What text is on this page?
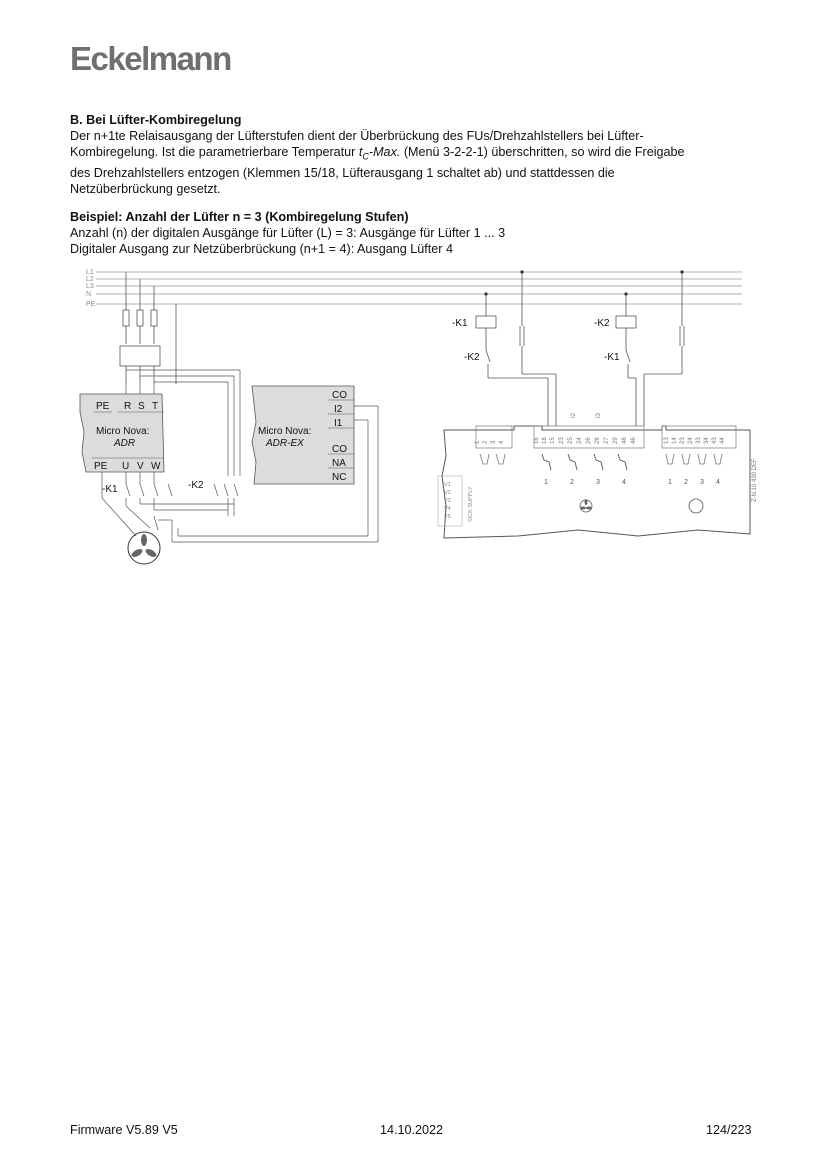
Eckelmann

B. Bei Lüfter-Kombiregelung

Der n+1te Relaisausgang der Lüfterstufen dient der Überbrückung des FUs/Drehzahlstellers bei Lüfter-

Kombiregelung. Ist die parametrierbare Temperatur $t_C$-Max. (Menü 3-2-2-1) überschritten, so wird die Freigabe

des Drehzahlstellers entzogen (Klemmen 15/18, Lüfterausgang 1 schaltet ab) und stattdessen die

Netzüberbrückung gesetzt.

Beispiel: Anzahl der Lüfter n = 3 (Kombiregelung Stufen)

Anzahl (n) der digitalen Ausgänge für Lüfter (L) = 3: Ausgänge für Lüfter 1 ... 3

Digitaler Ausgang zur Netzüberbrückung (n+1 = 4): Ausgang Lüfter 4

L1
L2
L3
N
PE
PE R S T
Micro Nova:
ADR
PE U V W
Micro Nova:
ADR-EX
CO
I2
I1
CO
NA
NC
-K1	-K2
-K1
-K2
-K2
-K1
1 2 3 4	16 18 15 23 25 24 26 28 27 29 48 46
I2	I3
1	2	3	4
13 14 23 24 33 34 43 44
1 2 3 4	Z-N 10 430 DEF
V1
V2
V3
V4
V5	SICK SUPPLY
Firmware V5.89 V5	14.10.2022	124/223
